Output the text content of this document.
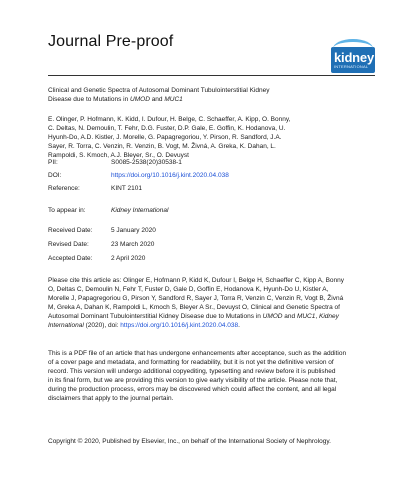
Journal Pre-proof
kidney
INTERNATIONAL
Clinical and Genetic Spectra of Autosomal Dominant Tubulointerstitial Kidney
Disease due to Mutations in UMOD and MUC1
E. Olinger, P. Hofmann, K. Kidd, I. Dufour, H. Belge, C. Schaeffer, A. Kipp, O. Bonny,
C. Deltas, N. Demoulin, T. Fehr, D.G. Fuster, D.P. Gale, E. Goffin, K. Hodanova, U.
Hyunh-Do, A.D. Kistler, J. Morelle, G. Papagregoriou, Y. Pirson, R. Sandford, J.A.
Sayer, R. Torra, C. Venzin, R. Venzin, B. Vogt, M. Živná, A. Greka, K. Dahan, L.
Rampoldi, S. Kmoch, A.J. Bleyer, Sr., O. Devuyst
PII:	S0085-2538(20)30538-1
DOI:	https://doi.org/10.1016/j.kint.2020.04.038
Reference:	KINT 2101
To appear in:	Kidney International
Received Date:	5 January 2020
Revised Date:	23 March 2020
Accepted Date:	2 April 2020
Please cite this article as: Olinger E, Hofmann P, Kidd K, Dufour I, Belge H, Schaeffer C, Kipp A, Bonny
O, Deltas C, Demoulin N, Fehr T, Fuster D, Gale D, Goffin E, Hodanova K, Hyunh-Do U, Kistler A,
Morelle J, Papagregoriou G, Pirson Y, Sandford R, Sayer J, Torra R, Venzin C, Venzin R, Vogt B, Živná
M, Greka A, Dahan K, Rampoldi L, Kmoch S, Bleyer A Sr., Devuyst O, Clinical and Genetic Spectra of
Autosomal Dominant Tubulointerstitial Kidney Disease due to Mutations in UMOD and MUC1, Kidney
International (2020), doi: https://doi.org/10.1016/j.kint.2020.04.038.
This is a PDF file of an article that has undergone enhancements after acceptance, such as the addition
of a cover page and metadata, and formatting for readability, but it is not yet the definitive version of
record. This version will undergo additional copyediting, typesetting and review before it is published
in its final form, but we are providing this version to give early visibility of the article. Please note that,
during the production process, errors may be discovered which could affect the content, and all legal
disclaimers that apply to the journal pertain.
Copyright © 2020, Published by Elsevier, Inc., on behalf of the International Society of Nephrology.
